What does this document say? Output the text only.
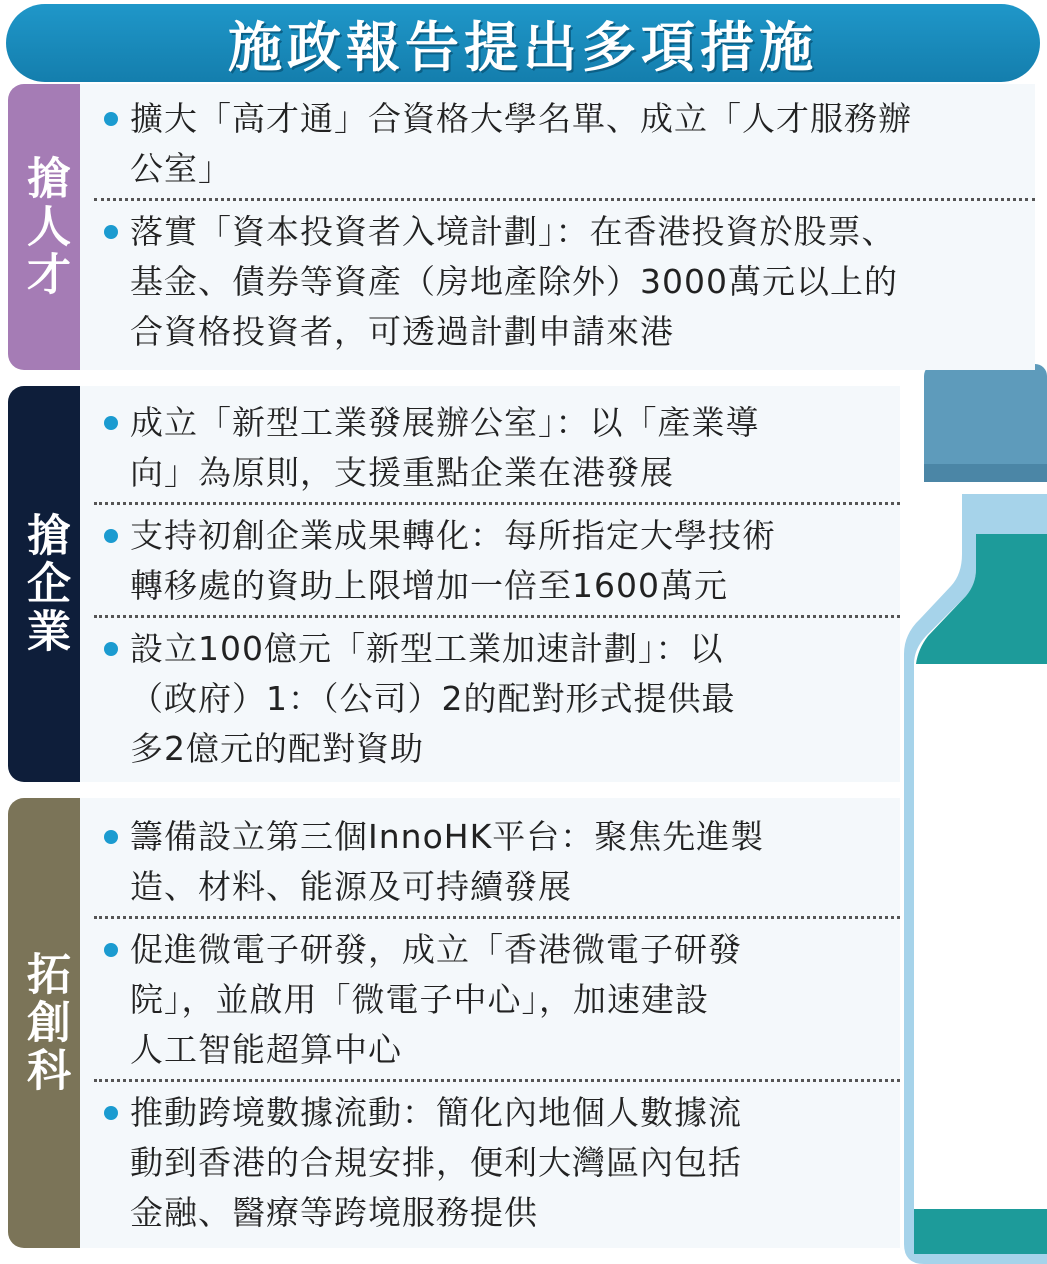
施政報告提出多項措施
搶人才
擴大「高才通」合資格大學名單、成立「人才服務辦
公室」
落實「資本投資者入境計劃」：在香港投資於股票、
基金、債券等資產（房地產除外）3000萬元以上的
合資格投資者，可透過計劃申請來港
搶企業
成立「新型工業發展辦公室」：以「產業導
向」為原則，支援重點企業在港發展
支持初創企業成果轉化：每所指定大學技術
轉移處的資助上限增加一倍至1600萬元
設立100億元「新型工業加速計劃」：以
（政府）1：（公司）2的配對形式提供最
多2億元的配對資助
拓創科
籌備設立第三個InnoHK平台：聚焦先進製
造、材料、能源及可持續發展
促進微電子研發，成立「香港微電子研發
院」，並啟用「微電子中心」，加速建設
人工智能超算中心
推動跨境數據流動：簡化內地個人數據流
動到香港的合規安排，便利大灣區內包括
金融、醫療等跨境服務提供
